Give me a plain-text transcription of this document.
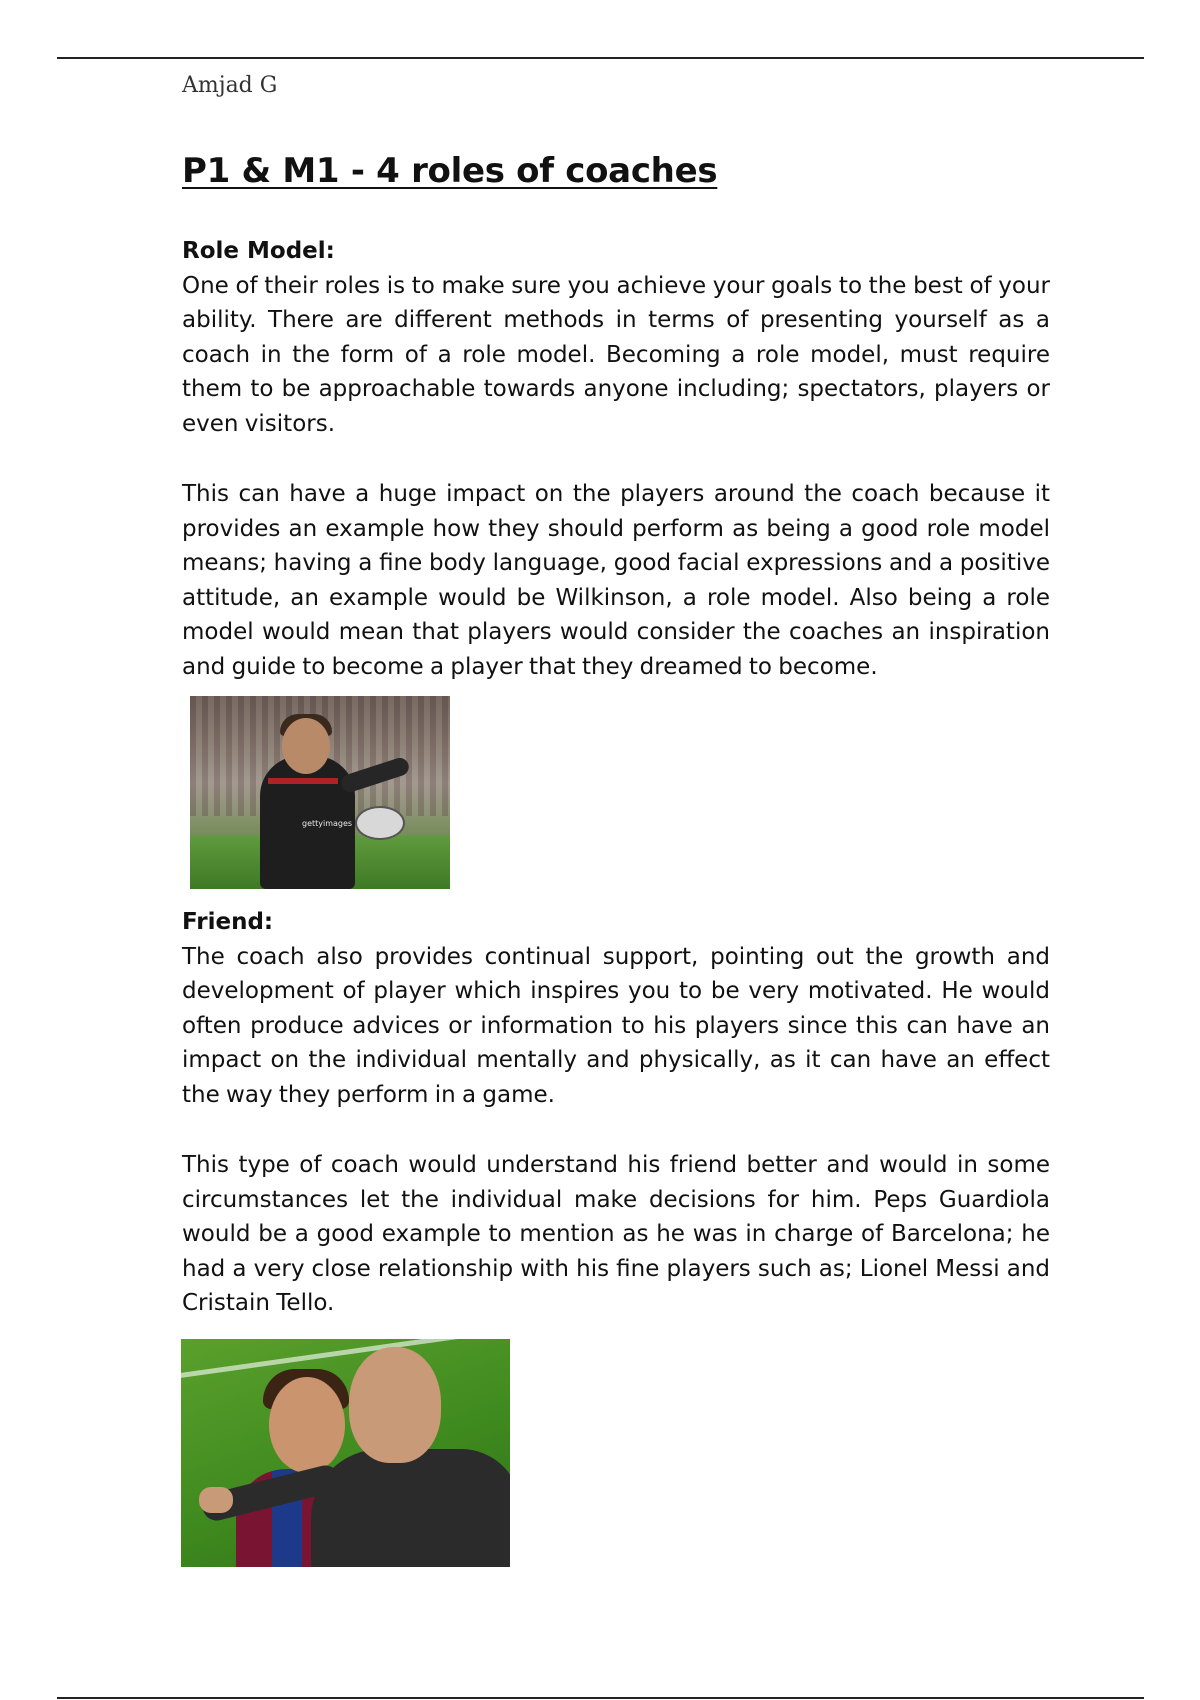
Amjad G
P1 & M1 - 4 roles of coaches

Role Model:

One of their roles is to make sure you achieve your goals to the best of your ability. There are different methods in terms of presenting yourself as a coach in the form of a role model. Becoming a role model, must require them to be approachable towards anyone including; spectators, players or even visitors.

This can have a huge impact on the players around the coach because it provides an example how they should perform as being a good role model means; having a fine body language, good facial expressions and a positive attitude, an example would be Wilkinson, a role model. Also being a role model would mean that players would consider the coaches an inspiration and guide to become a player that they dreamed to become.

gettyimages

Friend:

The coach also provides continual support, pointing out the growth and development of player which inspires you to be very motivated. He would often produce advices or information to his players since this can have an impact on the individual mentally and physically, as it can have an effect the way they perform in a game.

This type of coach would understand his friend better and would in some circumstances let the individual make decisions for him. Peps Guardiola would be a good example to mention as he was in charge of Barcelona; he had a very close relationship with his fine players such as; Lionel Messi and Cristain Tello.
